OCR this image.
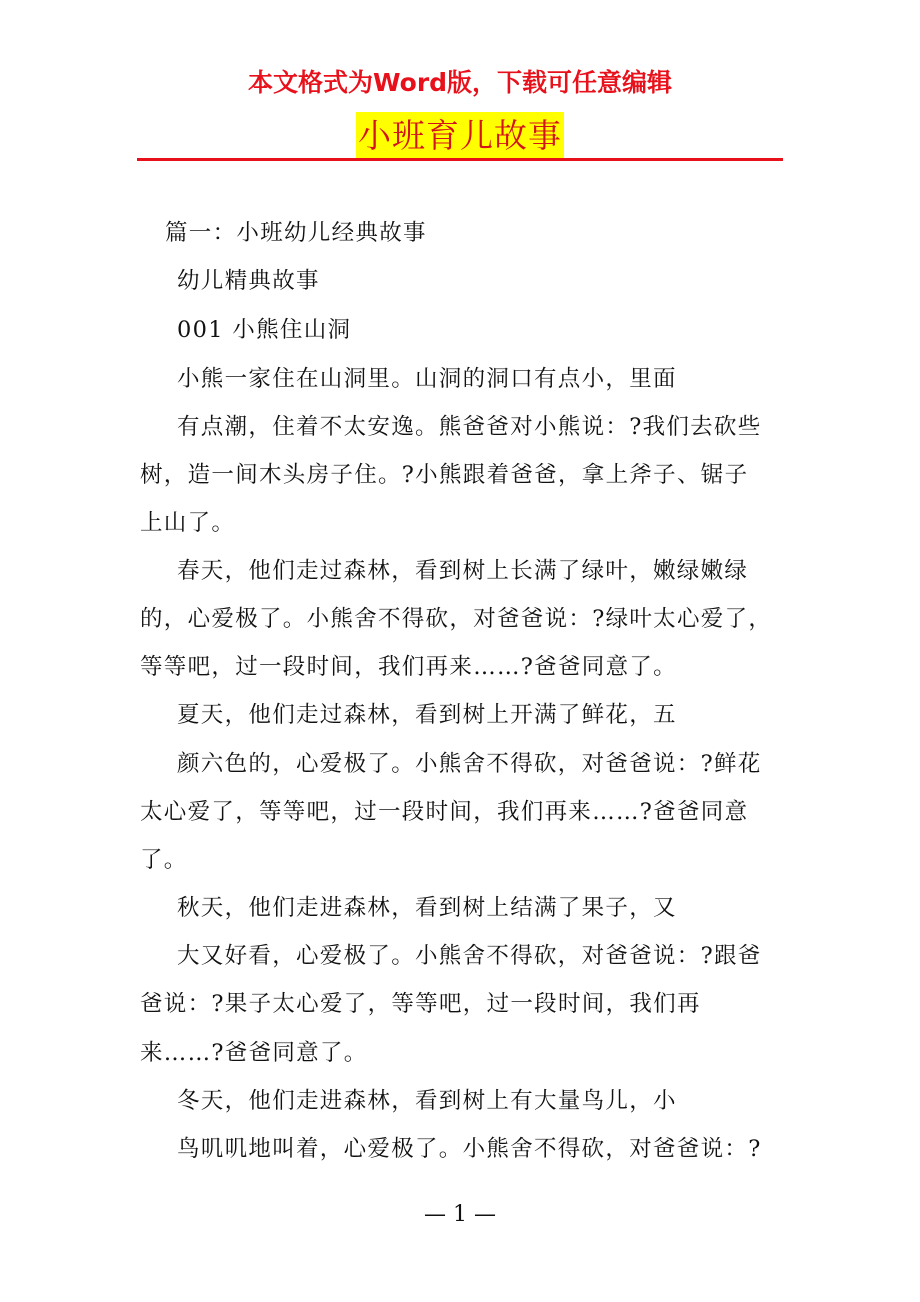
本文格式为Word版，下载可任意编辑
小班育儿故事
篇一：小班幼儿经典故事
幼儿精典故事
001 小熊住山洞
小熊一家住在山洞里。山洞的洞口有点小，里面
有点潮，住着不太安逸。熊爸爸对小熊说：?我们去砍些
树，造一间木头房子住。?小熊跟着爸爸，拿上斧子、锯子
上山了。
春天，他们走过森林，看到树上长满了绿叶，嫩绿嫩绿
的，心爱极了。小熊舍不得砍，对爸爸说：?绿叶太心爱了，
等等吧，过一段时间，我们再来……?爸爸同意了。
夏天，他们走过森林，看到树上开满了鲜花，五
颜六色的，心爱极了。小熊舍不得砍，对爸爸说：?鲜花
太心爱了，等等吧，过一段时间，我们再来……?爸爸同意
了。
秋天，他们走进森林，看到树上结满了果子，又
大又好看，心爱极了。小熊舍不得砍，对爸爸说：?跟爸
爸说：?果子太心爱了，等等吧，过一段时间，我们再
来……?爸爸同意了。
冬天，他们走进森林，看到树上有大量鸟儿，小
鸟叽叽地叫着，心爱极了。小熊舍不得砍，对爸爸说：?
— 1 —
